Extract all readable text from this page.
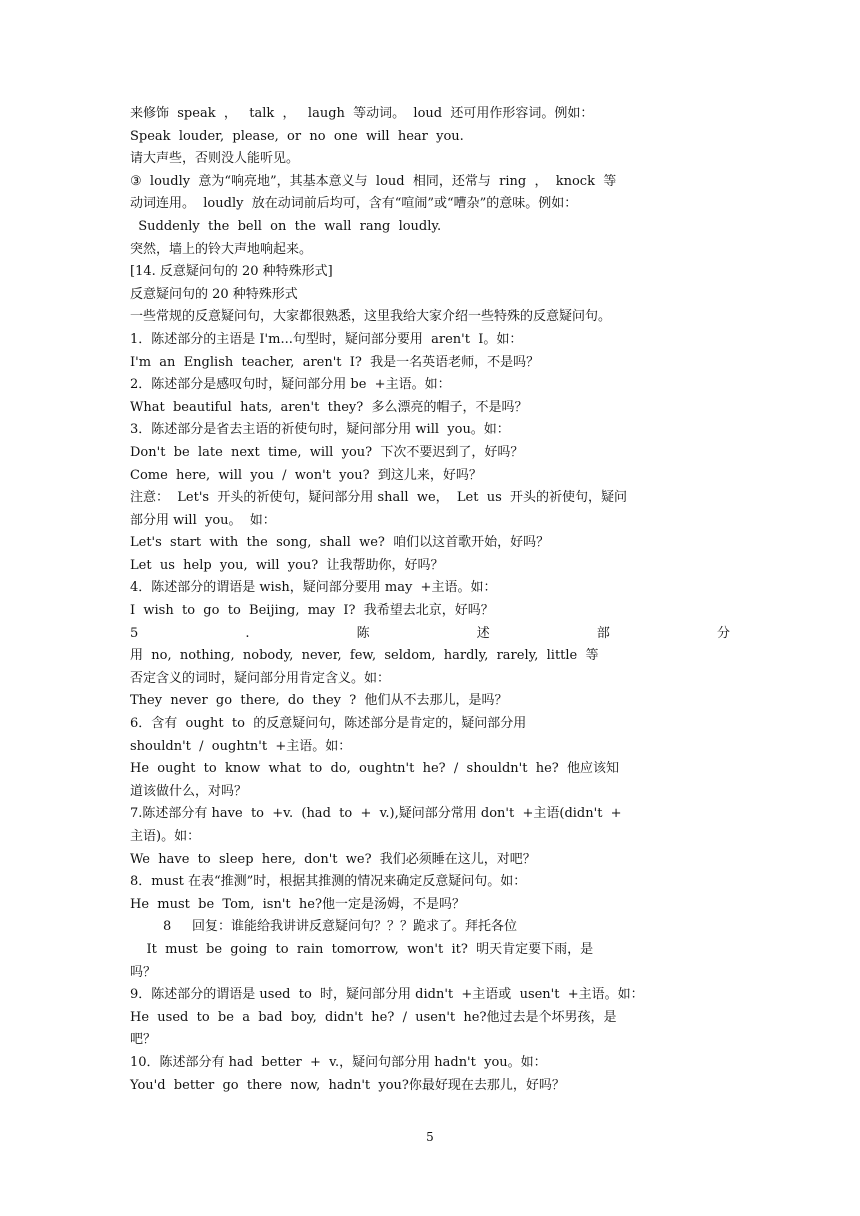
来修饰  speak  ，   talk  ，   laugh  等动词。  loud  还可用作形容词。例如：
Speak  louder,  please,  or  no  one  will  hear  you.
请大声些，否则没人能听见。
③  loudly  意为“响亮地”，其基本意义与  loud  相同，还常与  ring  ，  knock  等
动词连用。  loudly  放在动词前后均可，含有“喧闹”或“嘈杂”的意味。例如：
Suddenly  the  bell  on  the  wall  rang  loudly.
突然，墙上的铃大声地响起来。
[14. 反意疑问句的 20 种特殊形式]
反意疑问句的 20 种特殊形式
一些常规的反意疑问句，大家都很熟悉，这里我给大家介绍一些特殊的反意疑问句。
1．陈述部分的主语是 I'm...句型时，疑问部分要用  aren't  I。如：
I'm  an  English  teacher,  aren't  I?  我是一名英语老师，不是吗？
2．陈述部分是感叹句时，疑问部分用 be  +主语。如：
What  beautiful  hats,  aren't  they?  多么漂亮的帽子，不是吗？
3．陈述部分是省去主语的祈使句时，疑问部分用 will  you。如：
Don't  be  late  next  time,  will  you?  下次不要迟到了，好吗？
Come  here,  will  you  /  won't  you?  到这儿来，好吗？
注意：  Let's  开头的祈使句，疑问部分用 shall  we，  Let  us  开头的祈使句，疑问
部分用 will  you。  如：
Let's  start  with  the  song,  shall  we?  咱们以这首歌开始，好吗？
Let  us  help  you,  will  you?  让我帮助你，好吗？
4．陈述部分的谓语是 wish，疑问部分要用 may  +主语。如：
I  wish  to  go  to  Beijing,  may  I?  我希望去北京，好吗？
5	.	陈	述	部	分
用  no,  nothing,  nobody,  never,  few,  seldom,  hardly,  rarely,  little  等
否定含义的词时，疑问部分用肯定含义。如：
They  never  go  there,  do  they  ?  他们从不去那儿，是吗？
6．含有  ought  to  的反意疑问句，陈述部分是肯定的，疑问部分用
shouldn't  /  oughtn't  +主语。如：
He  ought  to  know  what  to  do,  oughtn't  he?  /  shouldn't  he?  他应该知
道该做什么，对吗？
7.陈述部分有 have  to  +v.  (had  to  +  v.),疑问部分常用 don't  +主语(didn't  +
主语)。如：
We  have  to  sleep  here,  don't  we?  我们必须睡在这儿，对吧？
8．must 在表“推测”时，根据其推测的情况来确定反意疑问句。如：
He  must  be  Tom,  isn't  he?他一定是汤姆，不是吗？
8     回复：谁能给我讲讲反意疑问句？？？跪求了。拜托各位
It  must  be  going  to  rain  tomorrow,  won't  it?  明天肯定要下雨，是
吗？
9．陈述部分的谓语是 used  to  时，疑问部分用 didn't  +主语或  usen't  +主语。如：
He  used  to  be  a  bad  boy,  didn't  he?  /  usen't  he?他过去是个坏男孩，是
吧？
10．陈述部分有 had  better  +  v.，疑问句部分用 hadn't  you。如：
You'd  better  go  there  now,  hadn't  you?你最好现在去那儿，好吗？
5
